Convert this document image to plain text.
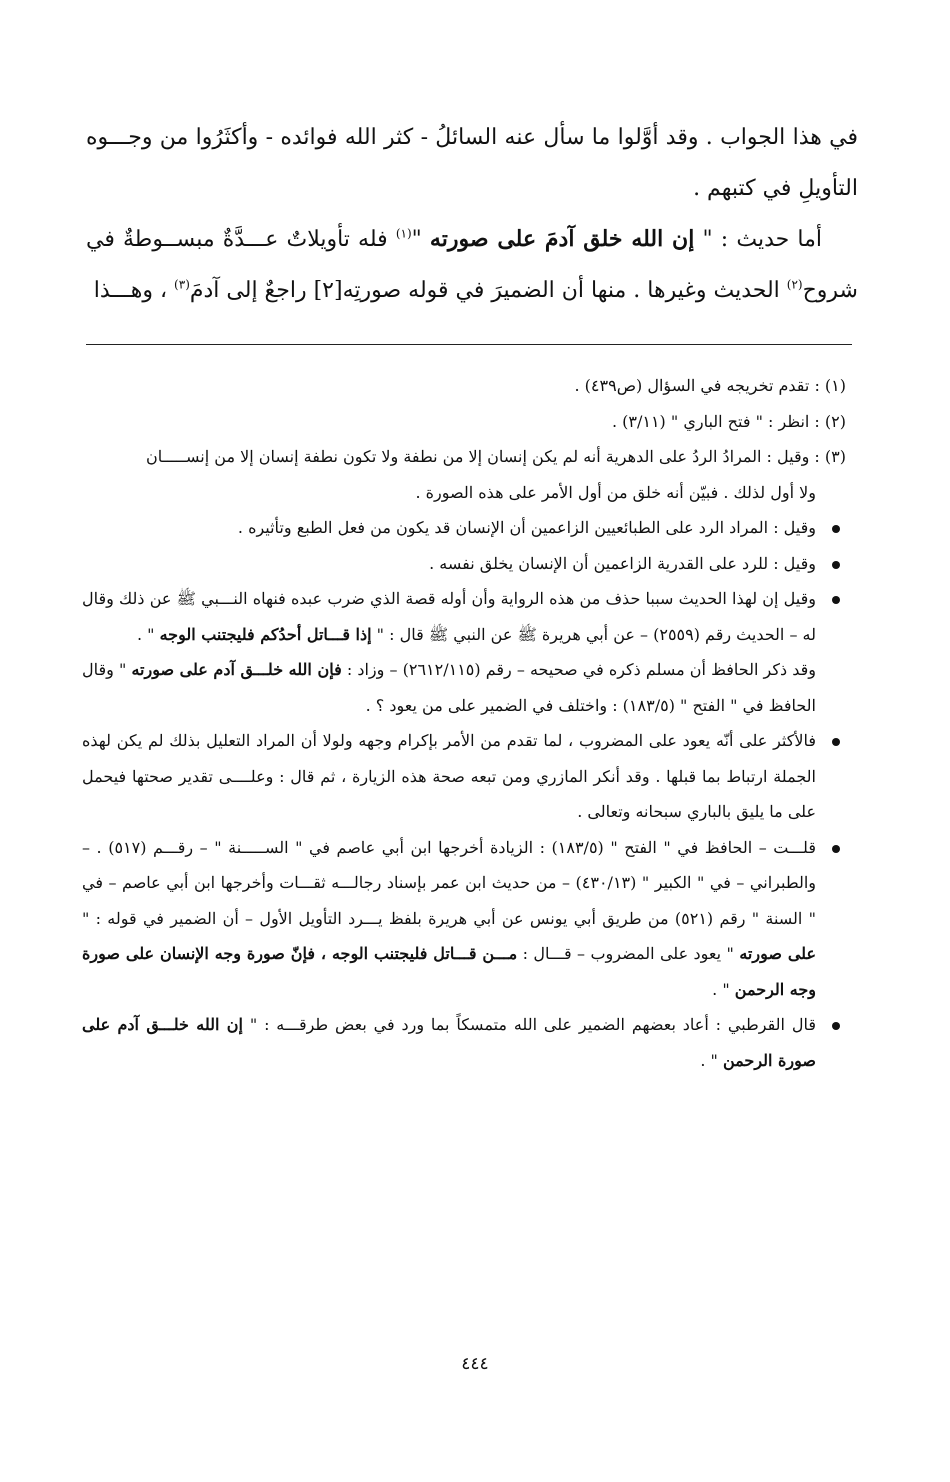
في هذا الجواب . وقد أوَّلوا ما سأل عنه السائلُ - كثر الله فوائده - وأكثَرُوا من وجـــوه التأويلِ في كتبهم .

أما حديث : " إن الله خلق آدمَ على صورته "$^{(١)}$ فله تأويلاتٌ عـــدَّةٌ مبســوطةٌ في شروح$^{(٢)}$ الحديث وغيرها . منها أن الضميرَ في قوله صورتِه[٢] راجعٌ إلى آدمَ$^{(٣)}$ ، وهـــذا

(١) : تقدم تخريجه في السؤال (ص٤٣٩) .

(٢) : انظر : " فتح الباري " (٣/١١) .

(٣) : وقيل : المرادُ الردُ على الدهرية أنه لم يكن إنسان إلا من نطفة ولا تكون نطفة إنسان إلا من إنســـــان

ولا أول لذلك . فبيّن أنه خلق من أول الأمر على هذه الصورة .

وقيل : المراد الرد على الطبائعيين الزاعمين أن الإنسان قد يكون من فعل الطبع وتأثيره .

وقيل : للرد على القدرية الزاعمين أن الإنسان يخلق نفسه .

وقيل إن لهذا الحديث سببا حذف من هذه الرواية وأن أوله قصة الذي ضرب عبده فنهاه النـــبي ﷺ عن ذلك وقال له – الحديث رقم (٢٥٥٩) – عن أبي هريرة ﷺ عن النبي ﷺ قال : " إذا قـــاتل أحدُكم فليجتنب الوجه " .

وقد ذكر الحافظ أن مسلم ذكره في صحيحه – رقم (٢٦١٢/١١٥) – وزاد : فإن الله خلـــق آدم على صورته " وقال الحافظ في " الفتح " (١٨٣/٥) : واختلف في الضمير على من يعود ؟ .

فالأكثر على أنّه يعود على المضروب ، لما تقدم من الأمر بإكرام وجهه ولولا أن المراد التعليل بذلك لم يكن لهذه الجملة ارتباط بما قبلها . وقد أنكر المازري ومن تبعه صحة هذه الزيارة ، ثم قال : وعلــــى تقدير صحتها فيحمل على ما يليق بالباري سبحانه وتعالى .

قلـــت – الحافظ في " الفتح " (١٨٣/٥) : الزيادة أخرجها ابن أبي عاصم في " الســـــنة " – رقـــم (٥١٧) . – والطبراني – في " الكبير " (٤٣٠/١٣) – من حديث ابن عمر بإسناد رجالـــه ثقـــات وأخرجها ابن أبي عاصم – في " السنة " رقم (٥٢١) من طريق أبي يونس عن أبي هريرة بلفظ يـــرد التأويل الأول – أن الضمير في قوله : " على صورته " يعود على المضروب – قـــال : مـــن قـــاتل فليجتنب الوجه ، فإنّ صورة وجه الإنسان على صورة وجه الرحمن " .

قال القرطبي : أعاد بعضهم الضمير على الله متمسكاً بما ورد في بعض طرقـــه : " إن الله خلـــق آدم على صورة الرحمن " .

٤٤٤
